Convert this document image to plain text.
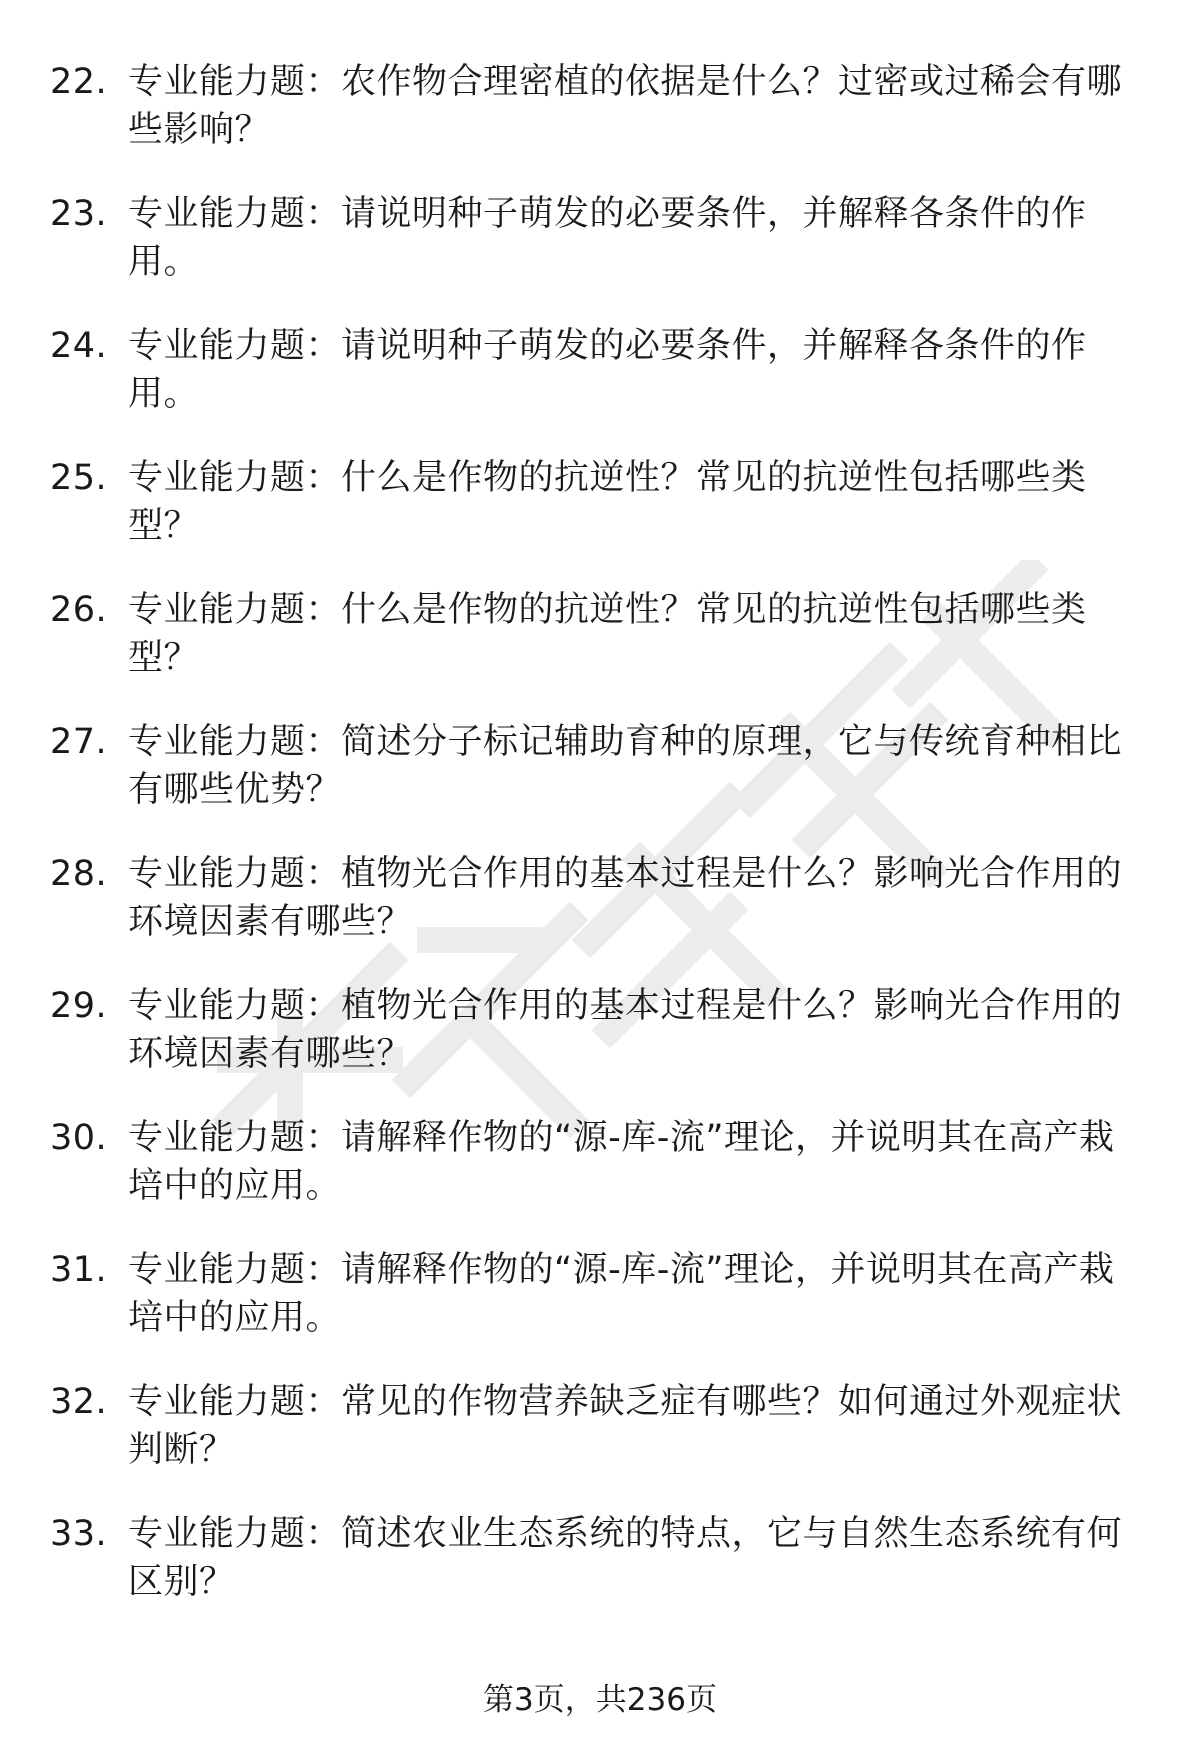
22. 专业能力题：农作物合理密植的依据是什么？过密或过稀会有哪些影响？
23. 专业能力题：请说明种子萌发的必要条件，并解释各条件的作用。
24. 专业能力题：请说明种子萌发的必要条件，并解释各条件的作用。
25. 专业能力题：什么是作物的抗逆性？常见的抗逆性包括哪些类型？
26. 专业能力题：什么是作物的抗逆性？常见的抗逆性包括哪些类型？
27. 专业能力题：简述分子标记辅助育种的原理，它与传统育种相比有哪些优势？
28. 专业能力题：植物光合作用的基本过程是什么？影响光合作用的环境因素有哪些？
29. 专业能力题：植物光合作用的基本过程是什么？影响光合作用的环境因素有哪些？
30. 专业能力题：请解释作物的“源-库-流”理论，并说明其在高产栽培中的应用。
31. 专业能力题：请解释作物的“源-库-流”理论，并说明其在高产栽培中的应用。
32. 专业能力题：常见的作物营养缺乏症有哪些？如何通过外观症状判断？
33. 专业能力题：简述农业生态系统的特点，它与自然生态系统有何区别？
第3页，共236页
